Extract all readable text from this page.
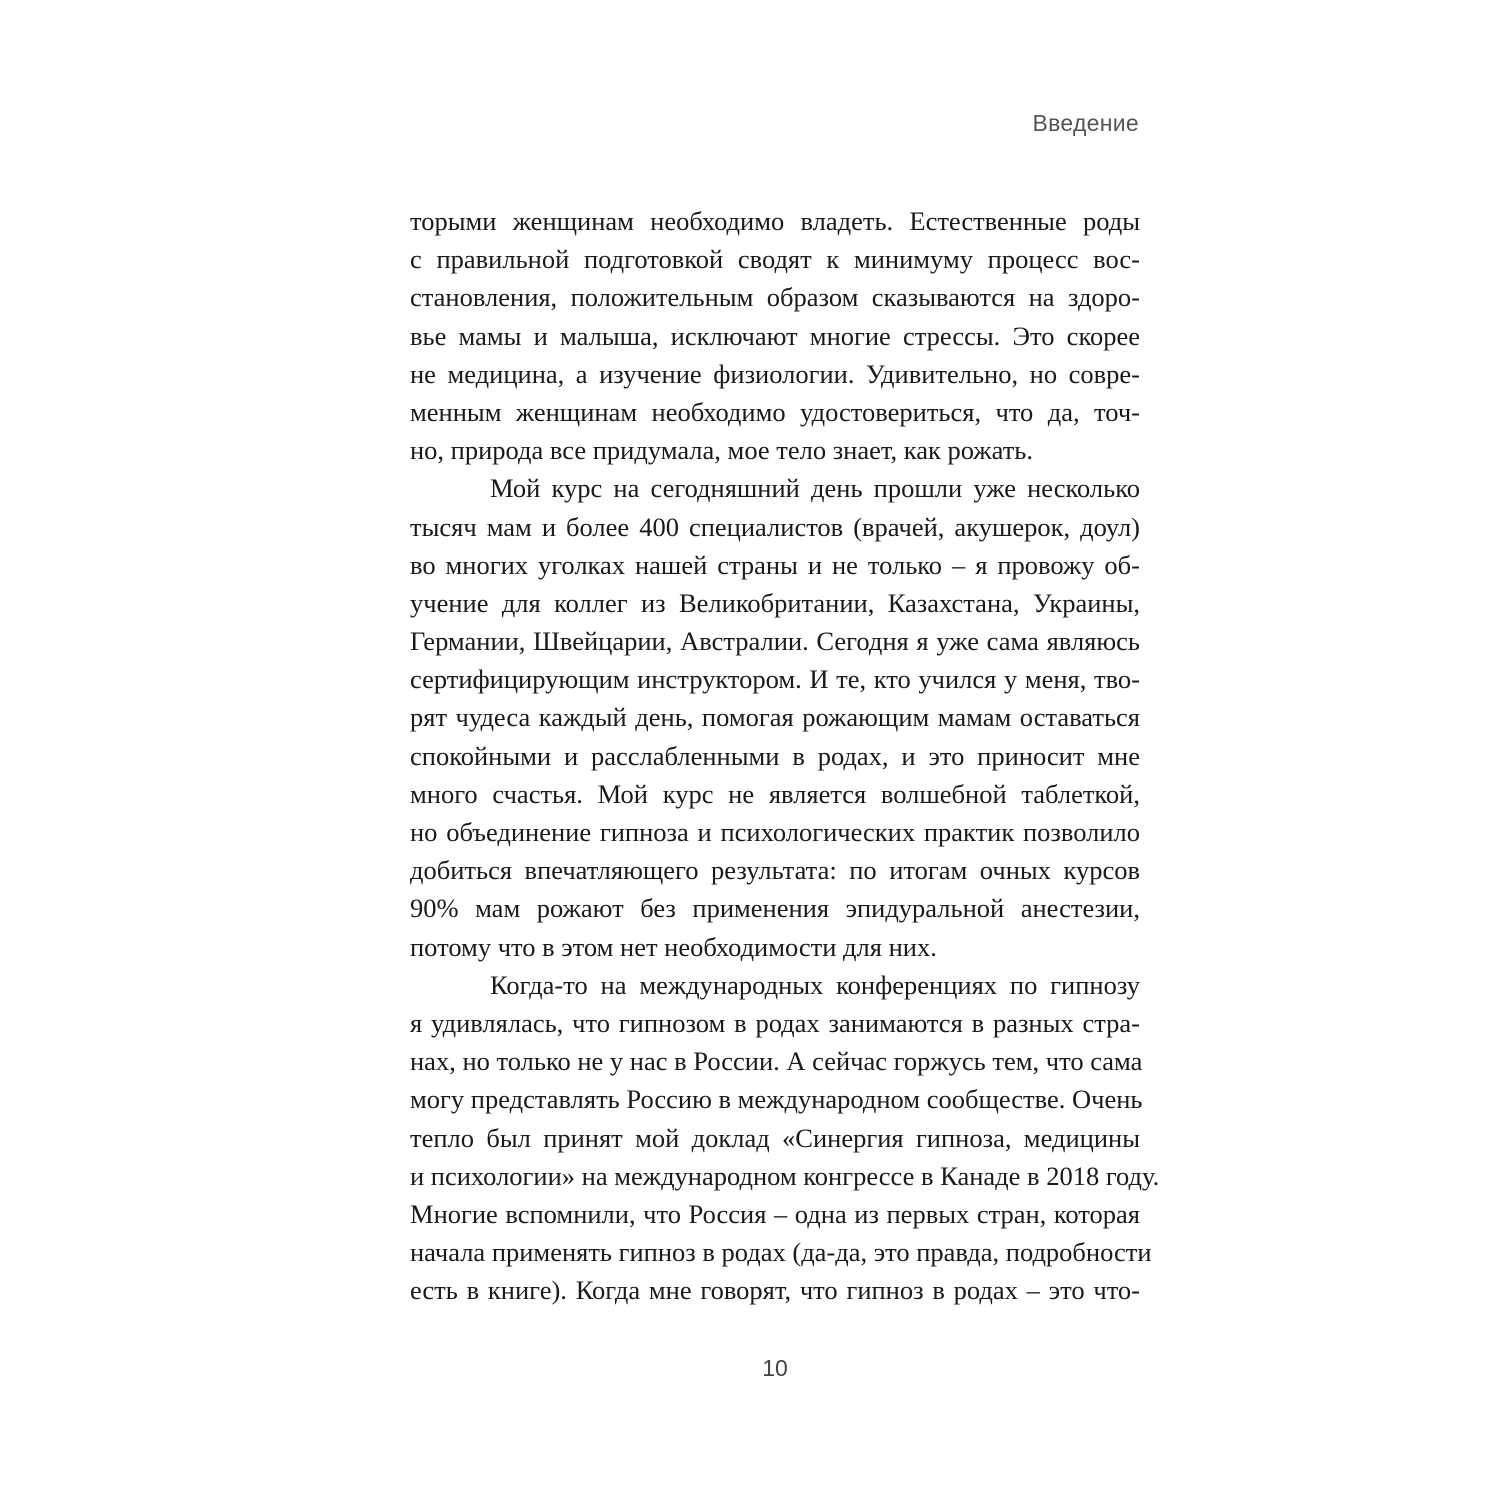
Введение
торыми женщинам необходимо владеть. Естественные роды
с правильной подготовкой сводят к минимуму процесс вос-
становления, положительным образом сказываются на здоро-
вье мамы и малыша, исключают многие стрессы. Это скорее
не медицина, а изучение физиологии. Удивительно, но совре-
менным женщинам необходимо удостовериться, что да, точ-
но, природа все придумала, мое тело знает, как рожать.
Мой курс на сегодняшний день прошли уже несколько
тысяч мам и более 400 специалистов (врачей, акушерок, доул)
во многих уголках нашей страны и не только – я провожу об-
учение для коллег из Великобритании, Казахстана, Украины,
Германии, Швейцарии, Австралии. Сегодня я уже сама являюсь
сертифицирующим инструктором. И те, кто учился у меня, тво-
рят чудеса каждый день, помогая рожающим мамам оставаться
спокойными и расслабленными в родах, и это приносит мне
много счастья. Мой курс не является волшебной таблеткой,
но объединение гипноза и психологических практик позволило
добиться впечатляющего результата: по итогам очных курсов
90% мам рожают без применения эпидуральной анестезии,
потому что в этом нет необходимости для них.
Когда-то на международных конференциях по гипнозу
я удивлялась, что гипнозом в родах занимаются в разных стра-
нах, но только не у нас в России. А сейчас горжусь тем, что сама
могу представлять Россию в международном сообществе. Очень
тепло был принят мой доклад «Синергия гипноза, медицины
и психологии» на международном конгрессе в Канаде в 2018 году.
Многие вспомнили, что Россия – одна из первых стран, которая
начала применять гипноз в родах (да-да, это правда, подробности
есть в книге). Когда мне говорят, что гипноз в родах – это что-
10
